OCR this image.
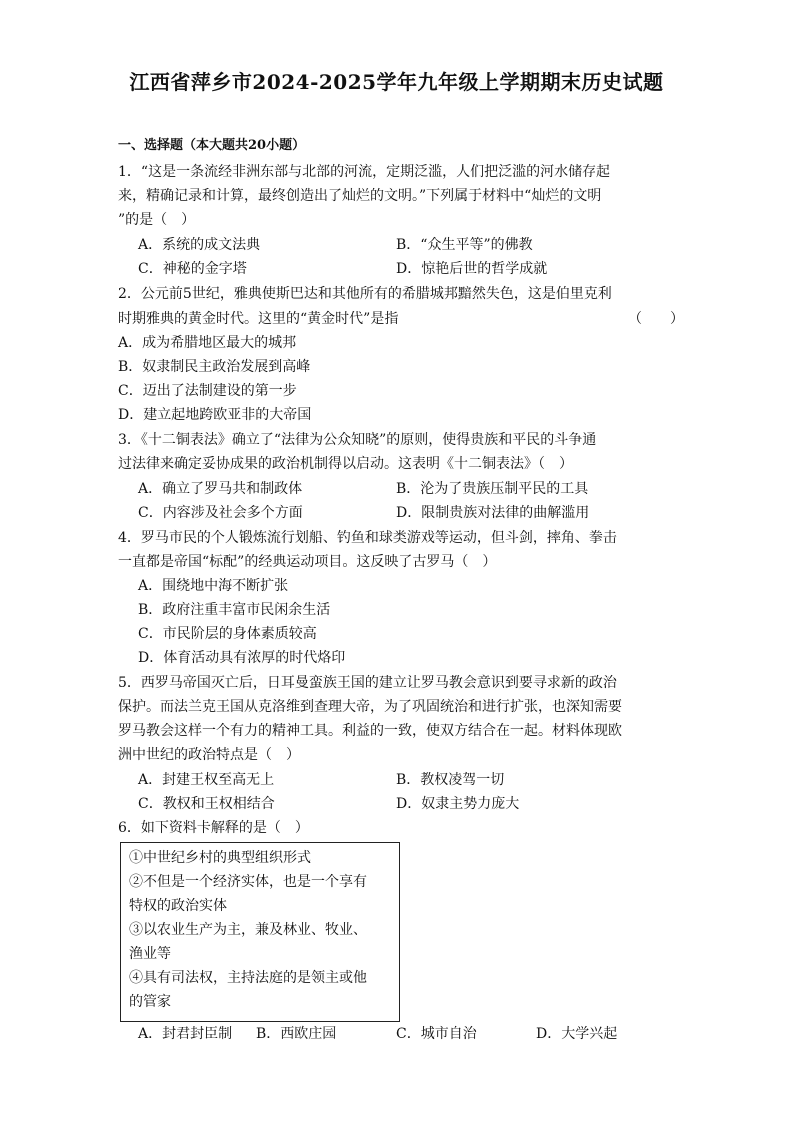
江西省萍乡市2024-2025学年九年级上学期期末历史试题
一、选择题（本大题共20小题）
1．“这是一条流经非洲东部与北部的河流，定期泛滥，人们把泛滥的河水储存起
来，精确记录和计算，最终创造出了灿烂的文明。”下列属于材料中“灿烂的文明
”的是（　）
A．系统的成文法典	B．“众生平等”的佛教
C．神秘的金字塔	D．惊艳后世的哲学成就
2．公元前5世纪，雅典使斯巴达和其他所有的希腊城邦黯然失色，这是伯里克利
时期雅典的黄金时代。这里的“黄金时代”是指	（　　）
A．成为希腊地区最大的城邦
B．奴隶制民主政治发展到高峰
C．迈出了法制建设的第一步
D．建立起地跨欧亚非的大帝国
3．《十二铜表法》确立了“法律为公众知晓”的原则，使得贵族和平民的斗争通
过法律来确定妥协成果的政治机制得以启动。这表明《十二铜表法》（　）
A．确立了罗马共和制政体	B．沦为了贵族压制平民的工具
C．内容涉及社会多个方面	D．限制贵族对法律的曲解滥用
4．罗马市民的个人锻炼流行划船、钓鱼和球类游戏等运动，但斗剑，摔角、拳击
一直都是帝国“标配”的经典运动项目。这反映了古罗马（　）
A．围绕地中海不断扩张
B．政府注重丰富市民闲余生活
C．市民阶层的身体素质较高
D．体育活动具有浓厚的时代烙印
5．西罗马帝国灭亡后，日耳曼蛮族王国的建立让罗马教会意识到要寻求新的政治
保护。而法兰克王国从克洛维到查理大帝，为了巩固统治和进行扩张，也深知需要
罗马教会这样一个有力的精神工具。利益的一致，使双方结合在一起。材料体现欧
洲中世纪的政治特点是（　）
A．封建王权至高无上	B．教权凌驾一切
C．教权和王权相结合	D．奴隶主势力庞大
6．如下资料卡解释的是（　）
①中世纪乡村的典型组织形式
②不但是一个经济实体，也是一个享有
特权的政治实体
③以农业生产为主，兼及林业、牧业、
渔业等
④具有司法权，主持法庭的是领主或他
的管家
A．封君封臣制 B．西欧庄园	C．城市自治	D．大学兴起
